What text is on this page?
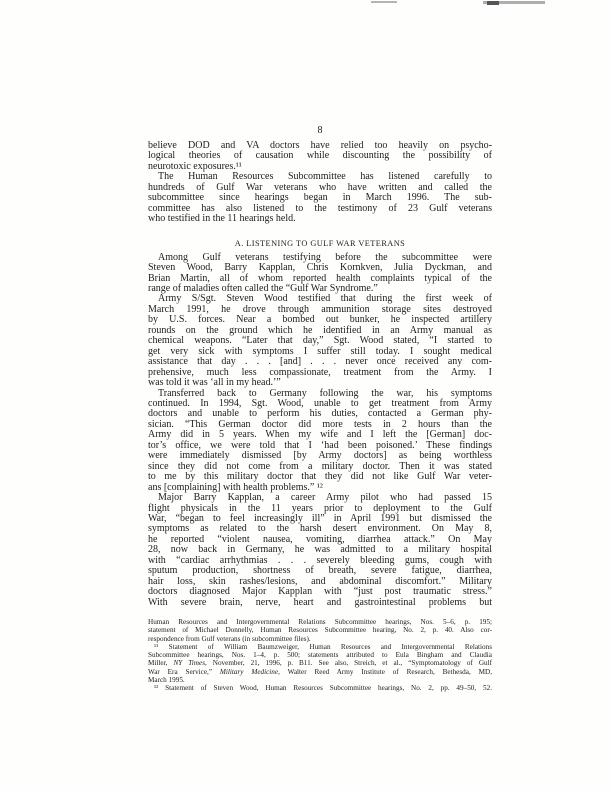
8
believe DOD and VA doctors have relied too heavily on psycho-
logical theories of causation while discounting the possibility of
neurotoxic exposures.¹¹
The Human Resources Subcommittee has listened carefully to
hundreds of Gulf War veterans who have written and called the
subcommittee since hearings began in March 1996. The sub-
committee has also listened to the testimony of 23 Gulf veterans
who testified in the 11 hearings held.
A. LISTENING TO GULF WAR VETERANS
Among Gulf veterans testifying before the subcommittee were
Steven Wood, Barry Kapplan, Chris Kornkven, Julia Dyckman, and
Brian Martin, all of whom reported health complaints typical of the
range of maladies often called the “Gulf War Syndrome.”
Army S/Sgt. Steven Wood testified that during the first week of
March 1991, he drove through ammunition storage sites destroyed
by U.S. forces. Near a bombed out bunker, he inspected artillery
rounds on the ground which he identified in an Army manual as
chemical weapons. “Later that day,” Sgt. Wood stated, “I started to
get very sick with symptoms I suffer still today. I sought medical
assistance that day . . . [and] . . . never once received any com-
prehensive, much less compassionate, treatment from the Army. I
was told it was ‘all in my head.’”
Transferred back to Germany following the war, his symptoms
continued. In 1994, Sgt. Wood, unable to get treatment from Army
doctors and unable to perform his duties, contacted a German phy-
sician. “This German doctor did more tests in 2 hours than the
Army did in 5 years. When my wife and I left the [German] doc-
tor’s office, we were told that I ‘had been poisoned.’ These findings
were immediately dismissed [by Army doctors] as being worthless
since they did not come from a military doctor. Then it was stated
to me by this military doctor that they did not like Gulf War veter-
ans [complaining] with health problems.” ¹²
Major Barry Kapplan, a career Army pilot who had passed 15
flight physicals in the 11 years prior to deployment to the Gulf
War, “began to feel increasingly ill” in April 1991 but dismissed the
symptoms as related to the harsh desert environment. On May 8,
he reported “violent nausea, vomiting, diarrhea attack.” On May
28, now back in Germany, he was admitted to a military hospital
with “cardiac arrhythmias . . . severely bleeding gums, cough with
sputum production, shortness of breath, severe fatigue, diarrhea,
hair loss, skin rashes/lesions, and abdominal discomfort.” Military
doctors diagnosed Major Kapplan with “just post traumatic stress.”
With severe brain, nerve, heart and gastrointestinal problems but
Human Resources and Intergovernmental Relations Subcommittee hearings, Nos. 5–6, p. 195;
statement of Michael Donnelly, Human Resources Subcommittee hearing, No. 2, p. 40. Also cor-
respondence from Gulf veterans (in subcommittee files).
¹¹ Statement of William Baumzweiger, Human Resources and Intergovernmental Relations
Subcommittee hearings, Nos. 1–4, p. 500; statements attributed to Eula Bingham and Claudia
Miller, NY Times, November, 21, 1996, p. B11. See also, Streich, et al., “Symptomatology of Gulf
War Era Service,” Military Medicine, Walter Reed Army Institute of Research, Bethesda, MD,
March 1995.
¹² Statement of Steven Wood, Human Resources Subcommittee hearings, No. 2, pp. 49–50, 52.
